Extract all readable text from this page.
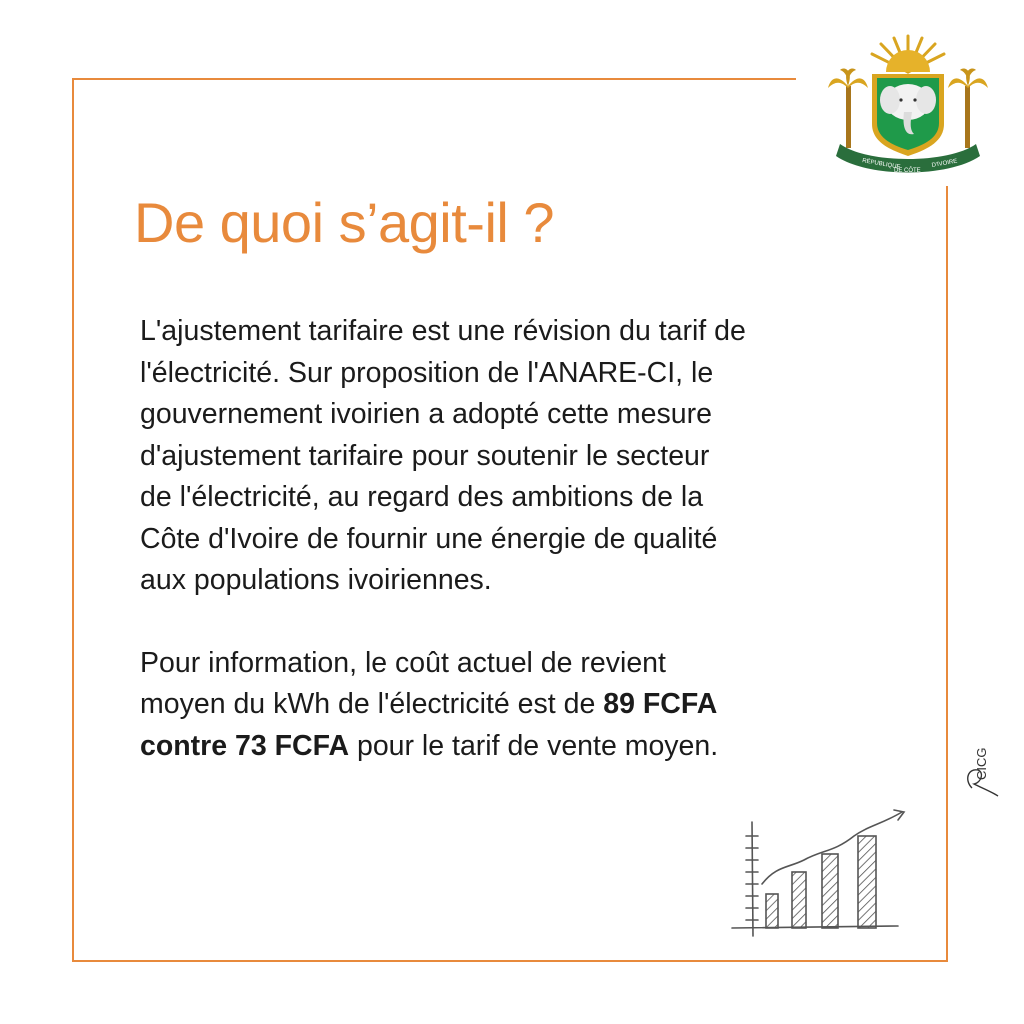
RÉPUBLIQUE
DE CÔTE
D'IVOIRE
De quoi s’agit-il ?

L'ajustement tarifaire est une révision du tarif de

l'électricité. Sur proposition de l'ANARE-CI, le

gouvernement ivoirien a adopté cette mesure

d'ajustement tarifaire pour soutenir le secteur

de l'électricité, au regard des ambitions de la

Côte d'Ivoire de fournir une énergie de qualité

aux populations ivoiriennes.

Pour information, le coût actuel de revient

moyen du kWh de l'électricité est de 89 FCFA

contre 73 FCFA pour le tarif de vente moyen.

CICG
